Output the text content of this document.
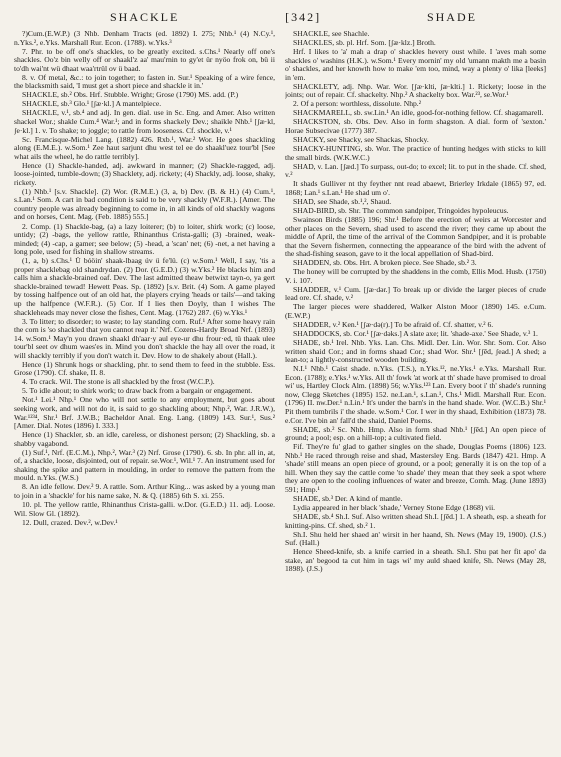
SHACKLE	[342]	SHADE

?)Cum.(E.W.P.) (3 Nhb. Denham Tracts (ed. 1892) I. 275; Nhb.¹ (4) N.Cy.¹, n.Yks.², e.Yks. Marshall Rur. Econ. (1788). w.Yks.³

7. Phr. to be off one's shackles, to be greatly excited. s.Chs.¹ Nearly off one's shackles. Oo'z bin welly off or shaakl'z aa' mau'rnin to gy'et ür nyöo frok on, bü ii to'dh wai'nt wü dhaat waa'rtrül ov ü baad.

8. v. Of metal, &c.: to join together; to fasten in. Sur.¹ Speaking of a wire fence, the blacksmith said, 'I must get a short piece and shackle it in.'

SHACKLE, sb.² Obs. Hrf. Stubble. Wright; Grose (1790) MS. add. (P.)

SHACKLE, sb.³ Glo.¹ [ʃæ·kl.] A mantelpiece.

SHACKLE, v.¹, sb.⁴ and adj. In gen. dial. use in Sc. Eng. and Amer. Also written shackel Wor.; shakle Cum.⁴ War.¹; and in forms shackely Dev.; shaikle Nhb.¹ [ʃæ·kl, ʃe·kl.] 1. v. To shake; to joggle; to rattle from looseness. Cf. shockle, v.¹

Sc. Francisque-Michel Lang. (1882) 426. Rxb.¹, War.² Wor. He goes shackling along (E.M.E.). w.Som.¹ Zee haut sarjunt dhu west tel ee do shaakl'uez tour'bl [See what ails the wheel, he do rattle terribly].

Hence (1) Shackle-handed, adj. awkward in manner; (2) Shackle-ragged, adj. loose-jointed, tumble-down; (3) Shacklety, adj. rickety; (4) Shackly, adj. loose, shaky, rickety.

(1) Nhb.¹ [s.v. Shackle]. (2) Wor. (R.M.E.) (3, a, b) Dev. (B. & H.) (4) Cum.¹, s.Lan.¹ Som. A cart in bad condition is said to be very shackly (W.F.R.). [Amer. The country people was already beginning to come in, in all kinds of old shackly wagons and on horses, Cent. Mag. (Feb. 1885) 555.]

2. Comp. (1) Shackle-bag, (a) a lazy loiterer; (b) to loiter, shirk work; (c) loose, untidy; (2) -bags, the yellow rattle, Rhinanthus Crista-galli; (3) -brained, weak-minded; (4) -cap, a gamer; see below; (5) -head, a 'scan' net; (6) -net, a net having a long pole, used for fishing in shallow streams.

(1, a, b) s.Chs.¹ Ü bóöin' shaak-lbaag úv ü fe'lü. (c) w.Som.¹ Well, I say, 'tis a proper shacklebag old shandrydan. (2) Dor. (G.E.D.) (3) w.Yks.² He blacks him and calls him a shackle-brained oaf. Dev. The last admitted theaw betwixt tayn-o, ya gert shackle-brained tewad! Hewett Peas. Sp. (1892) [s.v. Brit. (4) Som. A game played by tossing halfpence out of an old hat, the players crying 'heads or tails'—and taking up the halfpence (W.F.R.). (5) Cor. If I lies then Doyly, than I wishes The shackleheads may never close the fishes, Cent. Mag. (1762) 287. (6) w.Yks.¹

3. To litter; to disorder; to waste; to lay standing corn. Ruf.¹ After some heavy rain the corn is 'so shackled that you cannot reap it.' Nrf. Cozens-Hardy Broad Nrf. (1893) 14. w.Som.¹ May'n you drawn shaakl dh'aar·y aul eye-ur dhu frour·ed, tü thaak ulee tour'bl seet ov dhum waes'es in. Mind you don't shackle the hay all over the road, it will shackly terribly if you don't watch it. Dev. How to de shakely about (Hall.).

Hence (1) Shrunk hogs or shackling, phr. to send them to feed in the stubble. Ess. Grose (1790). Cf. shake, II. 8.

4. To crack. Wil. The stone is all shackled by the frost (W.C.P.).

5. To idle about; to shirk work; to draw back from a bargain or engagement.

Not.¹ Lei.¹ Nhp.¹ One who will not settle to any employment, but goes about seeking work, and will not do it, is said to go shackling about; Nhp.², War. J.R.W.), War.¹²³⁴, Shr.¹ Brf. J.W.B.; Bacheldor Anal. Eng. Lang. (1809) 143. Sur.¹, Sus.² [Amer. Dial. Notes (1896) I. 333.]

Hence (1) Shackler, sb. an idle, careless, or dishonest person; (2) Shackling, sb. a shabby vagabond.

(1) Suf.¹, Nrf. (E.C.M.), Nhp.², War.³ (2) Nrf. Grose (1790). 6. sb. In phr. all in, at, of, a shackle, loose, disjointed, out of repair. se.Wor.¹, Wil.¹ 7. An instrument used for shaking the spike and pattern in moulding, in order to remove the pattern from the mould. n.Yks. (W.S.)

8. An idle fellow. Dev.² 9. A rattle. Som. Arthur King... was asked by a young man to join in a 'shackle' for his name sake, N. & Q. (1885) 6th S. xi. 255.

10. pl. The yellow rattle, Rhinanthus Crista-galli. w.Dor. (G.E.D.) 11. adj. Loose. Wil. Slow Gl. (1892).

12. Dull, crazed. Dev.², w.Dev.¹

SHACKLE, see Shachle.

SHACKLES, sb. pl. Hrf. Som. [ʃæ·klz.] Broth.

Hrf. I likes to 'a' mah a drap o' shackles hevery oust while. I 'aves mah some shackles o' washins (H.K.). w.Som.¹ Every mornin' my old 'umann makth me a basin o' shackles, and her knowth how to make 'em too, mind, way a plenty o' lika [leeks] in 'em.

SHACKLETY, adj. Nhp. War. Wor. [ʃæ·klti, ʃæ·klti.] 1. Rickety; loose in the joints; out of repair. Cf. shackelty. Nhp.² A shackelty box. War.²³, se.Wor.¹

2. Of a person: worthless, dissolute. Nhp.²

SHACKMARELL, sb. sw.Lin.¹ An idle, good-for-nothing fellow. Cf. shagamarell.

SHACKSTON, sb. Obs. Dev. Also in form shagston. A dial. form of 'sexton.' Horae Subsecivae (1777) 387.

SHACKY, see Shacky, see Shackas, Shocky.

SHACKY-HUNTING, sb. Wor. The practice of hunting hedges with sticks to kill the small birds. (W.K.W.C.)

SHAD, v. Lan. [ʃæd.] To surpass, out-do; to excel; lit. to put in the shade. Cf. shed, v.²

It shads Gulliver nt thy feyther nnt read abaewt, Brierley Irkdale (1865) 97, ed. 1868; Lan.¹ s.Lan.¹ He shad um o'.

SHAD, see Shade, sb.¹,², Shaud.

SHAD-BIRD, sb. Shr. The common sandpiper, Tringoides hypoleucus.

Swainson Birds (1885) 196; Shr.¹ Before the erection of weirs at Worcester and other places on the Severn, shad used to ascend the river; they came up about the middle of April, the time of the arrival of the Common Sandpiper, and it is probable that the Severn fishermen, connecting the appearance of the bird with the advent of the shad-fishing season, gave to it the local appellation of Shad-bird.

SHADDEN, sb. Obs. Hrt. A broken piece. See Shade, sb.² 3.

The honey will be corrupted by the shaddens in the comb, Ellis Mod. Husb. (1750) V. i. 107.

SHADDER, v.¹ Cum. [ʃæ·dər.] To break up or divide the larger pieces of crude lead ore. Cf. shade, v.²

The larger pieces were shaddered, Walker Alston Moor (1890) 145. e.Cum. (E.W.P.)

SHADDER, v.² Ken.¹ [ʃæ·də(r).] To be afraid of. Cf. shatter, v.² 6.

SHADDOCKS, sb. Cor.¹ [ʃæ·dəks.] A slate axe; lit. 'shade-axe.' See Shade, v.³ 1.

SHADE, sb.¹ Irel. Nhb. Yks. Lan. Chs. Midl. Der. Lin. Wor. Shr. Som. Cor. Also written shaid Cor.; and in forms shaad Cor.; shad Wor. Shr.¹ [ʃēd, ʃead.] A shed; a lean-to; a lightly-constructed wooden building.

N.I.¹ Nhb.¹ Caist shade. n.Yks. (T.S.), n.Yks.¹², ne.Yks.¹ e.Yks. Marshall Rur. Econ. (1788); e.Yks.¹ w.Yks. All th' fowk 'at work at th' shade have promised to droal wi' us, Hartley Clock Alm. (1898) 56; w.Yks.¹²³ Lan. Every boot i' th' shade's running now, Clegg Sketches (1895) 152. ne.Lan.¹, s.Lan.¹, Chs.¹ Midl. Marshall Rur. Econ. (1796) II. nw.Der.¹ n.Lin.¹ It's under the barn's in the hand shade. Wor. (W.C.B.) Shr.¹ Pit them tumbrils i' the shade. w.Som.¹ Cor. I wer in thy shaad, Exhibition (1873) 78. e.Cor. I've bin an' fall'd the shaid, Daniel Poems.

SHADE, sb.² Sc. Nhb. Hmp. Also in form shad Nhb.¹ [ʃēd.] An open piece of ground; a pool; esp. on a hill-top; a cultivated field.

Fif. They're fu' glad to gather singles on the shade, Douglas Poems (1806) 123. Nhb.¹ He raced through reise and shad, Mastersley Eng. Bards (1847) 421. Hmp. A 'shade' still means an open piece of ground, or a pool; generally it is on the top of a hill. When they say the cattle come 'to shade' they mean that they seek a spot where they are open to the cooling influences of water and breeze, Comh. Mag. (June 1893) 591; Hmp.¹

SHADE, sb.³ Der. A kind of mantle.

Lydia appeared in her black 'shade,' Verney Stone Edge (1868) vii.

SHADE, sb.⁴ Sh.I. Suf. Also written shead Sh.I. [ʃēd.] 1. A sheath, esp. a sheath for knitting-pins. Cf. shed, sb.² 1.

Sh.I. Shu held her shaed an' wirsit in her haand, Sh. News (May 19, 1900). (J.S.) Suf. (Hall.)

Hence Sheed-knife, sb. a knife carried in a sheath. Sh.I. Shu pat her fit apo' da stake, an' begood ta cut him in tags wi' my auld shaed knife, Sh. News (May 28, 1898). (J.S.)
